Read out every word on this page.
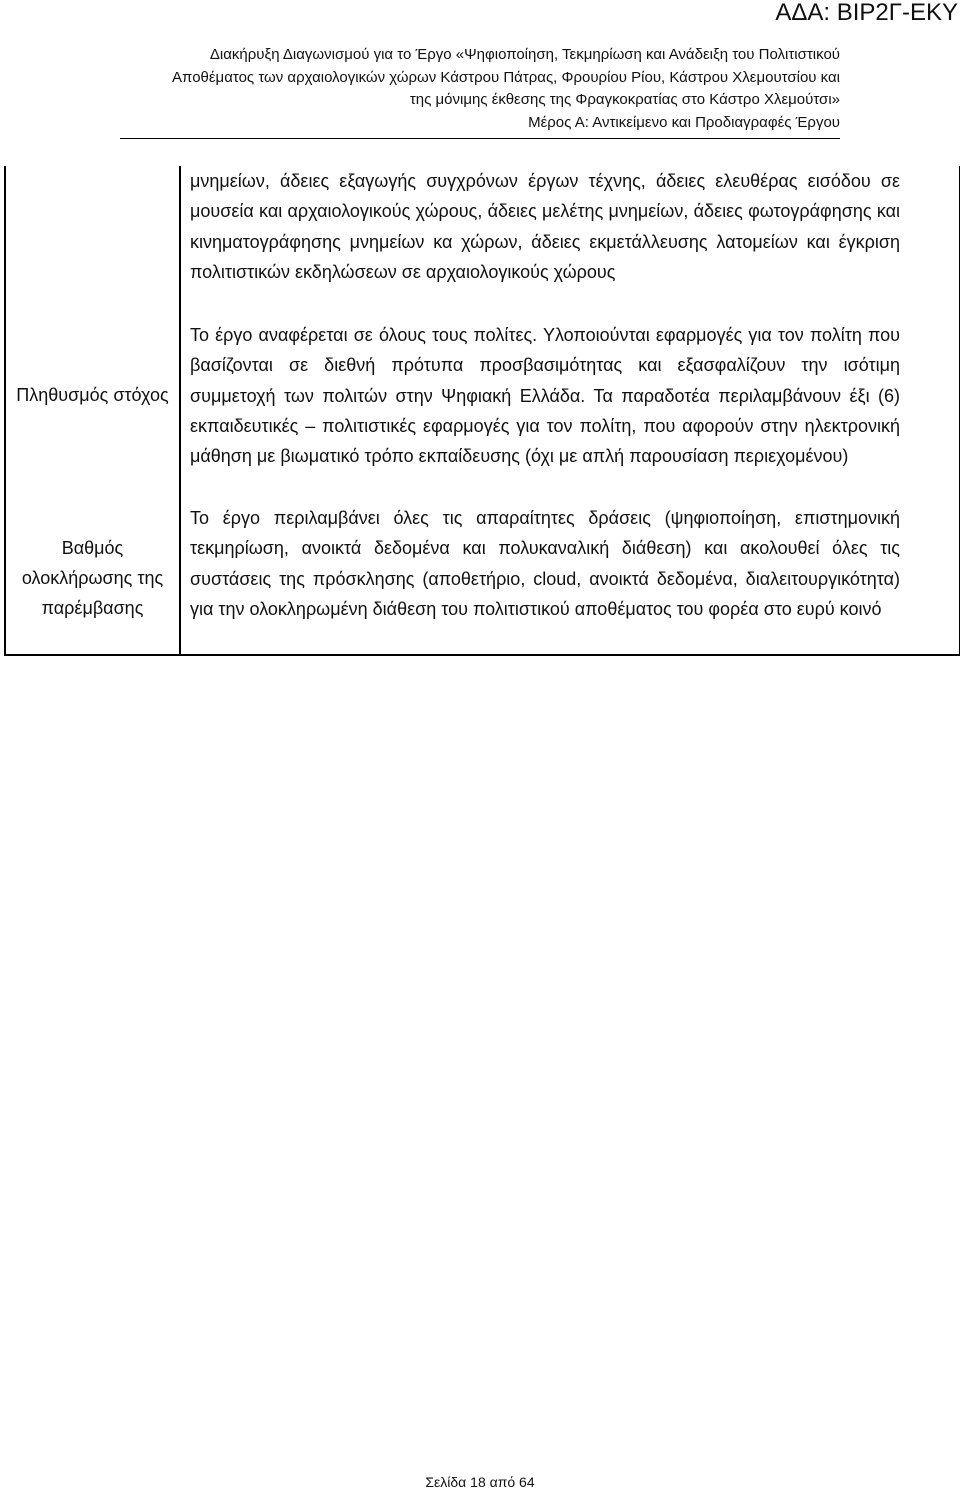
ΑΔΑ: ΒΙΡ2Γ-ΕΚΥ
Διακήρυξη Διαγωνισμού για το Έργο «Ψηφιοποίηση, Τεκμηρίωση και Ανάδειξη του Πολιτιστικού
Αποθέματος των αρχαιολογικών χώρων Κάστρου Πάτρας, Φρουρίου Ρίου, Κάστρου Χλεμουτσίου και
της μόνιμης έκθεσης της Φραγκοκρατίας στο Κάστρο Χλεμούτσι»
Μέρος Α: Αντικείμενο και Προδιαγραφές Έργου
μνημείων, άδειες εξαγωγής συγχρόνων έργων τέχνης, άδειες ελευθέρας εισόδου σε μουσεία και αρχαιολογικούς χώρους, άδειες μελέτης μνημείων, άδειες φωτογράφησης και κινηματογράφησης μνημείων κα χώρων, άδειες εκμετάλλευσης λατομείων και έγκριση πολιτιστικών εκδηλώσεων σε αρχαιολογικούς χώρους
Πληθυσμός στόχος
Το έργο αναφέρεται σε όλους τους πολίτες. Υλοποιούνται εφαρμογές για τον πολίτη που βασίζονται σε διεθνή πρότυπα προσβασιμότητας και εξασφαλίζουν την ισότιμη συμμετοχή των πολιτών στην Ψηφιακή Ελλάδα. Τα παραδοτέα περιλαμβάνουν έξι (6) εκπαιδευτικές – πολιτιστικές εφαρμογές για τον πολίτη, που αφορούν στην ηλεκτρονική μάθηση με βιωματικό τρόπο εκπαίδευσης (όχι με απλή παρουσίαση περιεχομένου)
Βαθμός ολοκλήρωσης της παρέμβασης
Το έργο περιλαμβάνει όλες τις απαραίτητες δράσεις (ψηφιοποίηση, επιστημονική τεκμηρίωση, ανοικτά δεδομένα και πολυκαναλική διάθεση) και ακολουθεί όλες τις συστάσεις της πρόσκλησης (αποθετήριο, cloud, ανοικτά δεδομένα, διαλειτουργικότητα) για την ολοκληρωμένη διάθεση του πολιτιστικού αποθέματος του φορέα στο ευρύ κοινό
Σελίδα 18 από 64
